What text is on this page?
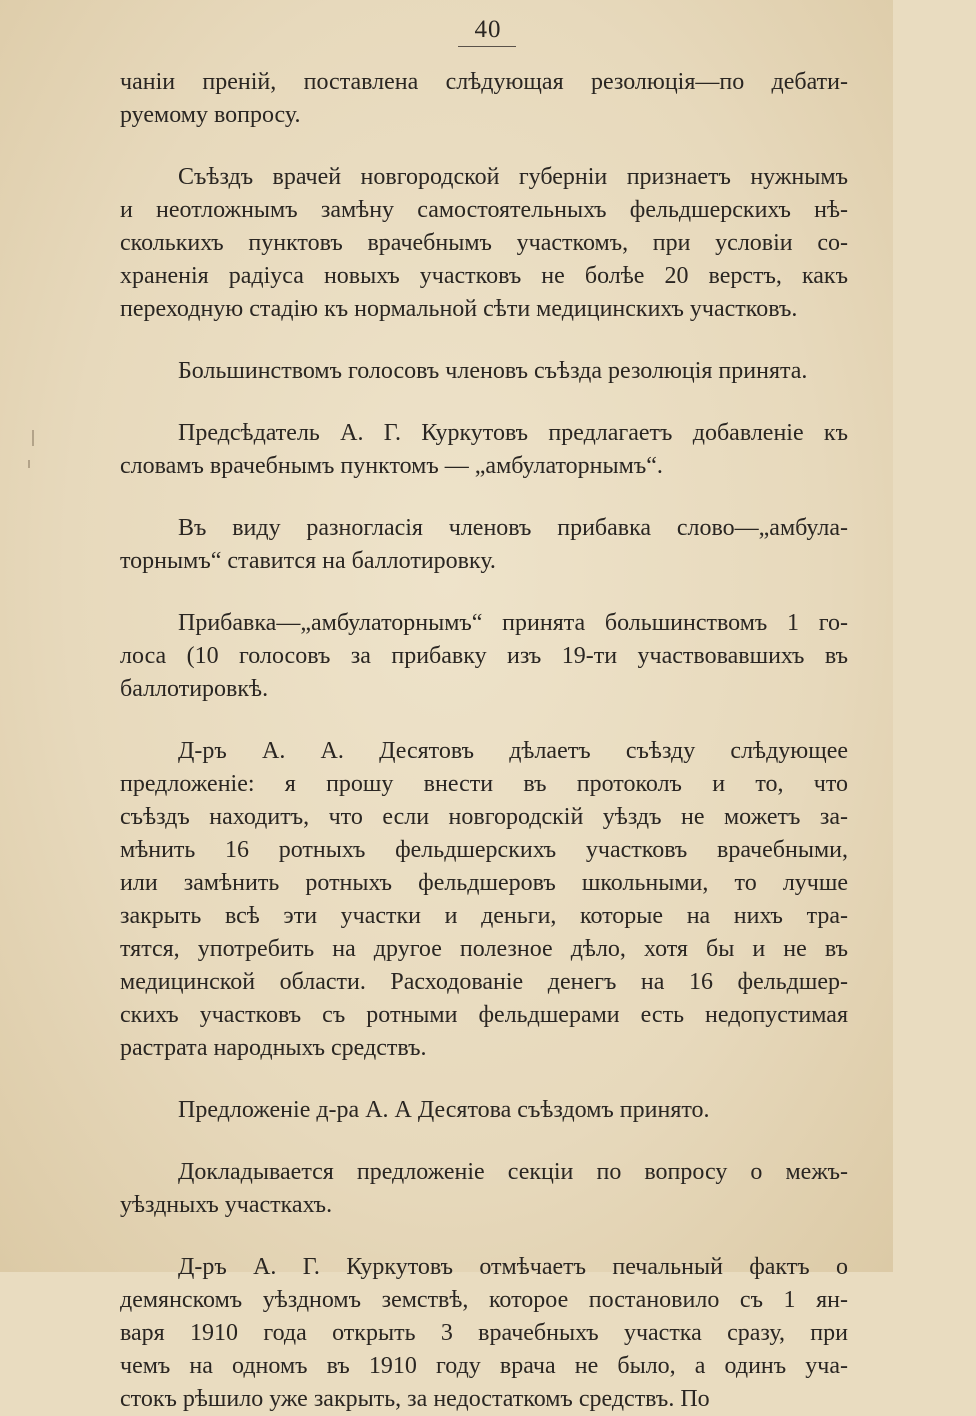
40
чаніи преній, поставлена слѣдующая резолюція—по дебати-
руемому вопросу.
Съѣздъ врачей новгородской губерніи признаетъ нужнымъ
и неотложнымъ замѣну самостоятельныхъ фельдшерскихъ нѣ-
сколькихъ пунктовъ врачебнымъ участкомъ, при условіи со-
храненія радіуса новыхъ участковъ не болѣе 20 верстъ, какъ
переходную стадію къ нормальной сѣти медицинскихъ участковъ.
Большинствомъ голосовъ членовъ съѣзда резолюція принята.
Предсѣдатель А. Г. Куркутовъ предлагаетъ добавленіе къ
словамъ врачебнымъ пунктомъ — „амбулаторнымъ“.
Въ виду разногласія членовъ прибавка слово—„амбула-
торнымъ“ ставится на баллотировку.
Прибавка—„амбулаторнымъ“ принята большинствомъ 1 го-
лоса (10 голосовъ за прибавку изъ 19-ти участвовавшихъ въ
баллотировкѣ.
Д-ръ А. А. Десятовъ дѣлаетъ съѣзду слѣдующее
предложеніе: я прошу внести въ протоколъ и то, что
съѣздъ находитъ, что если новгородскій уѣздъ не можетъ за-
мѣнить 16 ротныхъ фельдшерскихъ участковъ врачебными,
или замѣнить ротныхъ фельдшеровъ школьными, то лучше
закрыть всѣ эти участки и деньги, которые на нихъ тра-
тятся, употребить на другое полезное дѣло, хотя бы и не въ
медицинской области. Расходованіе денегъ на 16 фельдшер-
скихъ участковъ съ ротными фельдшерами есть недопустимая
растрата народныхъ средствъ.
Предложеніе д-ра А. А Десятова съѣздомъ принято.
Докладывается предложеніе секціи по вопросу о межъ-
уѣздныхъ участкахъ.
Д-ръ А. Г. Куркутовъ отмѣчаетъ печальный фактъ о
демянскомъ уѣздномъ земствѣ, которое постановило съ 1 ян-
варя 1910 года открыть 3 врачебныхъ участка сразу, при
чемъ на одномъ въ 1910 году врача не было, а одинъ уча-
стокъ рѣшило уже закрыть, за недостаткомъ средствъ. По
